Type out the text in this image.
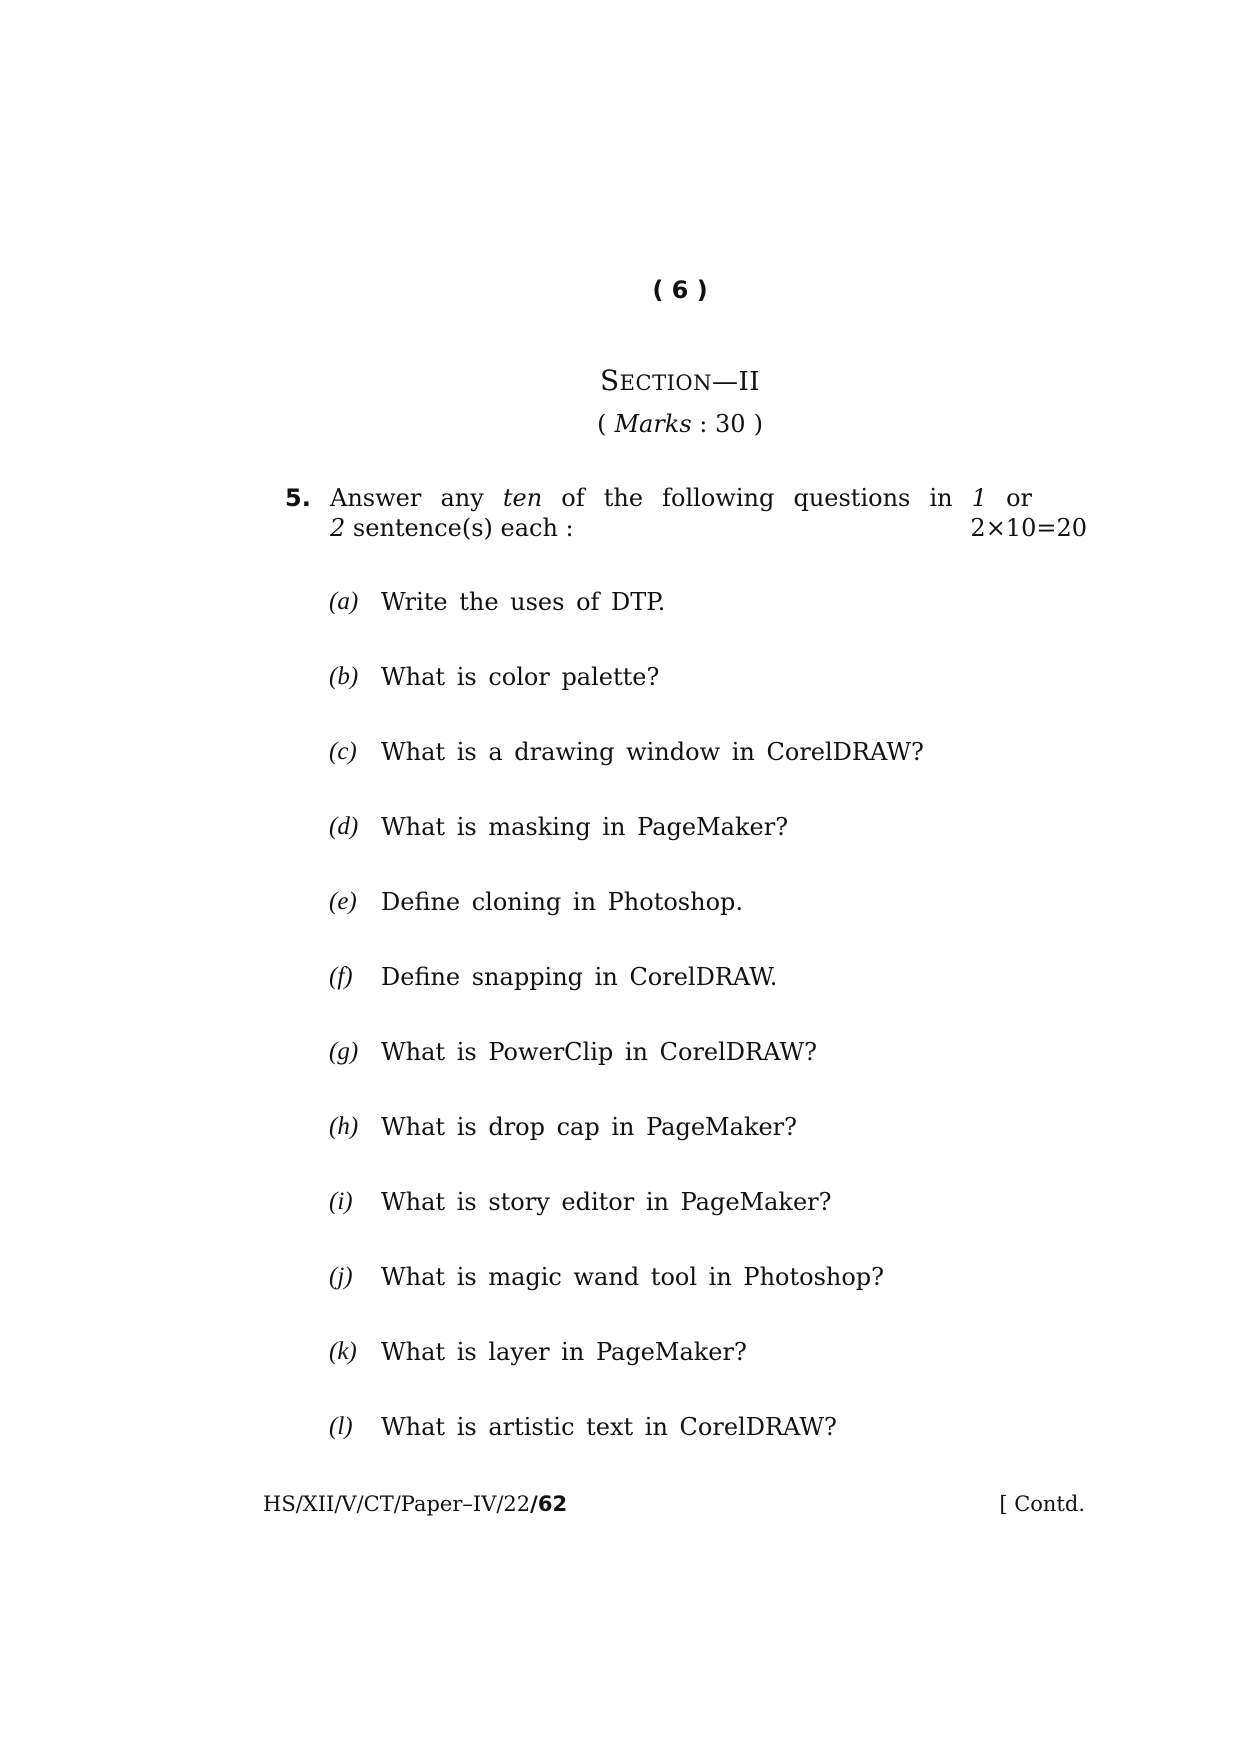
( 6 )
SECTION—II
( Marks : 30 )
5. Answer any ten of the following questions in 1 or
2 sentence(s) each :	2×10=20
(a) Write the uses of DTP.
(b) What is color palette?
(c) What is a drawing window in CorelDRAW?
(d) What is masking in PageMaker?
(e) Define cloning in Photoshop.
(f) Define snapping in CorelDRAW.
(g) What is PowerClip in CorelDRAW?
(h) What is drop cap in PageMaker?
(i) What is story editor in PageMaker?
(j) What is magic wand tool in Photoshop?
(k) What is layer in PageMaker?
(l) What is artistic text in CorelDRAW?
HS/XII/V/CT/Paper–IV/22/62	[ Contd.
